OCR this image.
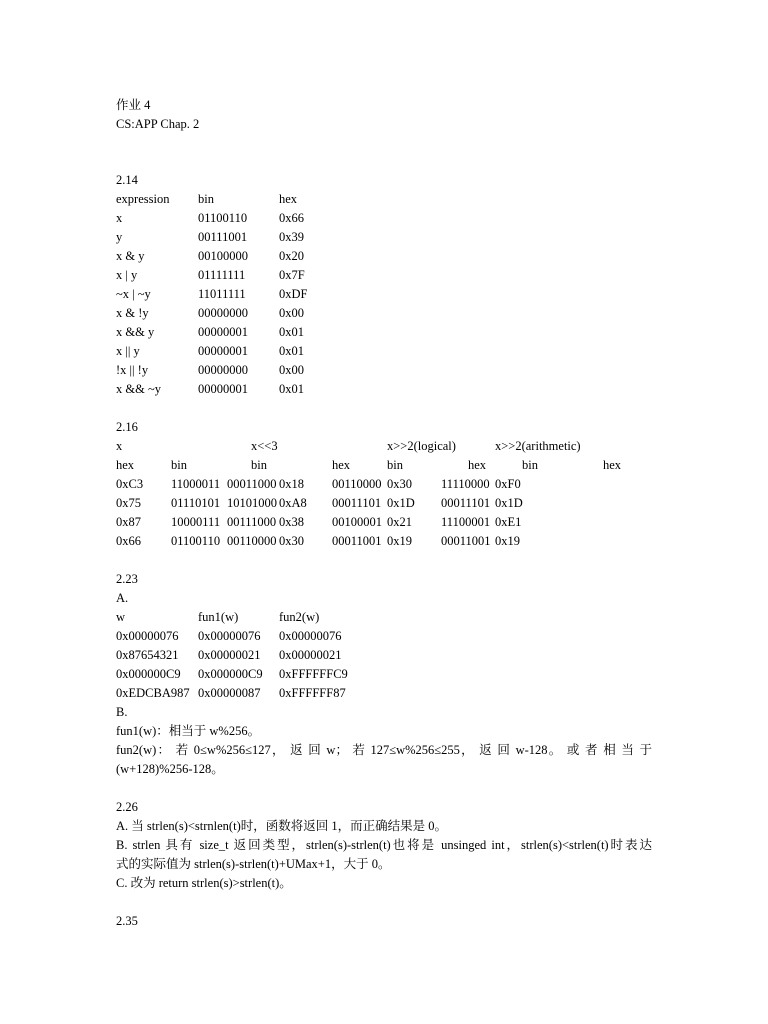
作业 4
CS:APP Chap. 2
2.14
expression bin	hex
x	01100110	0x66
y	00111001	0x39
x & y	00100000 0x20
x | y	01111111	0x7F
~x | ~y	11011111	0xDF
x & !y	00000000 0x00
x && y	00000001 0x01
x || y	00000001 0x01
!x || !y	00000000 0x00
x && ~y	00000001 0x01
2.16
x	x<<3	x>>2(logical)	x>>2(arithmetic)
hex	bin	bin	hex	bin	hex	bin	hex
0xC3 11000011 00011000 0x18 00110000 0x30 11110000 0xF0
0x75 01110101 10101000 0xA8 00011101 0x1D 00011101 0x1D
0x87 10000111 00111000 0x38 00100001 0x21 11100001 0xE1
0x66 01100110 00110000 0x30 00011001 0x19 00011001 0x19
2.23
A.
w	fun1(w)	fun2(w)
0x00000076 0x00000076 0x00000076
0x87654321 0x00000021 0x00000021
0x000000C9 0x000000C9 0xFFFFFFC9
0xEDCBA987 0x00000087 0xFFFFFF87
B.
fun1(w)：相当于 w%256。
fun2(w)： 若 0≤w%256≤127， 返 回 w； 若 127≤w%256≤255， 返 回 w-128。 或 者 相 当 于
(w+128)%256-128。
2.26
A. 当 strlen(s)<strnlen(t)时，函数将返回 1，而正确结果是 0。
B. strlen 具有 size_t 返回类型，strlen(s)-strlen(t)也将是 unsinged int，strlen(s)<strlen(t)时表达
式的实际值为 strlen(s)-strlen(t)+UMax+1，大于 0。
C. 改为 return strlen(s)>strlen(t)。
2.35
